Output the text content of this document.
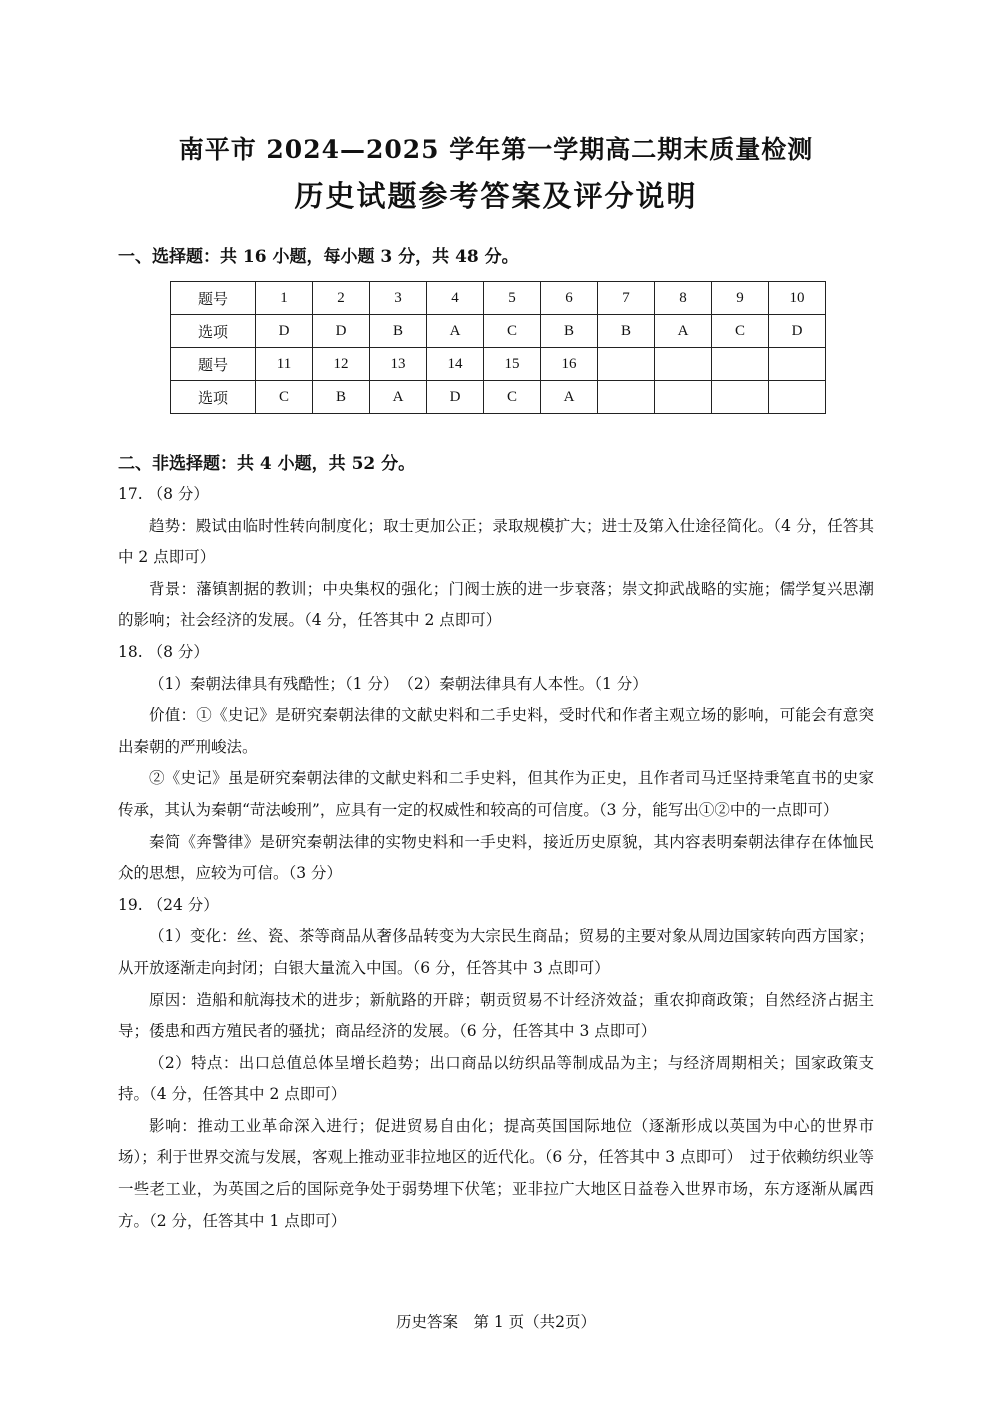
南平市 2024—2025 学年第一学期高二期末质量检测
历史试题参考答案及评分说明
一、选择题：共 16 小题，每小题 3 分，共 48 分。
题号	1	2	3	4	5	6	7	8	9	10
选项	D	D	B	A	C	B	B	A	C	D
题号	11	12	13	14	15	16				
选项	C	B	A	D	C	A				
二、非选择题：共 4 小题，共 52 分。

17. （8 分）

趋势：殿试由临时性转向制度化；取士更加公正；录取规模扩大；进士及第入仕途径简化。（4 分，任答其中 2 点即可）

背景：藩镇割据的教训；中央集权的强化；门阀士族的进一步衰落；崇文抑武战略的实施；儒学复兴思潮的影响；社会经济的发展。（4 分，任答其中 2 点即可）

18. （8 分）

（1）秦朝法律具有残酷性；（1 分）　（2）秦朝法律具有人本性。（1 分）

价值：①《史记》是研究秦朝法律的文献史料和二手史料，受时代和作者主观立场的影响，可能会有意突出秦朝的严刑峻法。

②《史记》虽是研究秦朝法律的文献史料和二手史料，但其作为正史，且作者司马迁坚持秉笔直书的史家传承，其认为秦朝“苛法峻刑”，应具有一定的权威性和较高的可信度。（3 分，能写出①②中的一点即可）

秦简《奔警律》是研究秦朝法律的实物史料和一手史料，接近历史原貌，其内容表明秦朝法律存在体恤民众的思想，应较为可信。（3 分）

19. （24 分）

（1）变化：丝、瓷、茶等商品从奢侈品转变为大宗民生商品；贸易的主要对象从周边国家转向西方国家；从开放逐渐走向封闭；白银大量流入中国。（6 分，任答其中 3 点即可）

原因：造船和航海技术的进步；新航路的开辟；朝贡贸易不计经济效益；重农抑商政策；自然经济占据主导；倭患和西方殖民者的骚扰；商品经济的发展。（6 分，任答其中 3 点即可）

（2）特点：出口总值总体呈增长趋势；出口商品以纺织品等制成品为主；与经济周期相关；国家政策支持。（4 分，任答其中 2 点即可）

影响：推动工业革命深入进行；促进贸易自由化；提高英国国际地位（逐渐形成以英国为中心的世界市场）；利于世界交流与发展，客观上推动亚非拉地区的近代化。（6 分，任答其中 3 点即可）　过于依赖纺织业等一些老工业，为英国之后的国际竞争处于弱势埋下伏笔；亚非拉广大地区日益卷入世界市场，东方逐渐从属西方。（2 分，任答其中 1 点即可）

历史答案　第 1 页（共2页）
